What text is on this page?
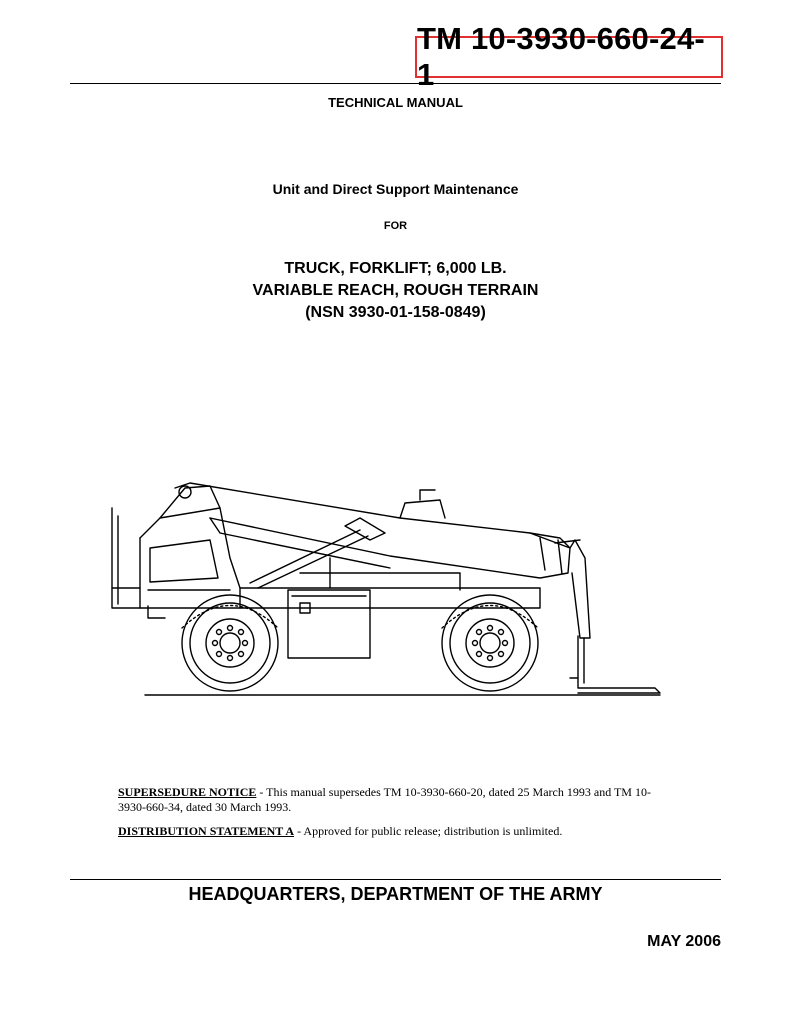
TM 10-3930-660-24-1
TECHNICAL MANUAL
Unit and Direct Support Maintenance
FOR
TRUCK, FORKLIFT; 6,000 LB.
VARIABLE REACH, ROUGH TERRAIN
(NSN 3930-01-158-0849)
SUPERSEDURE NOTICE - This manual supersedes TM 10-3930-660-20, dated 25 March 1993 and TM 10-3930-660-34, dated 30 March 1993.
DISTRIBUTION STATEMENT A - Approved for public release; distribution is unlimited.
HEADQUARTERS, DEPARTMENT OF THE ARMY
MAY 2006
